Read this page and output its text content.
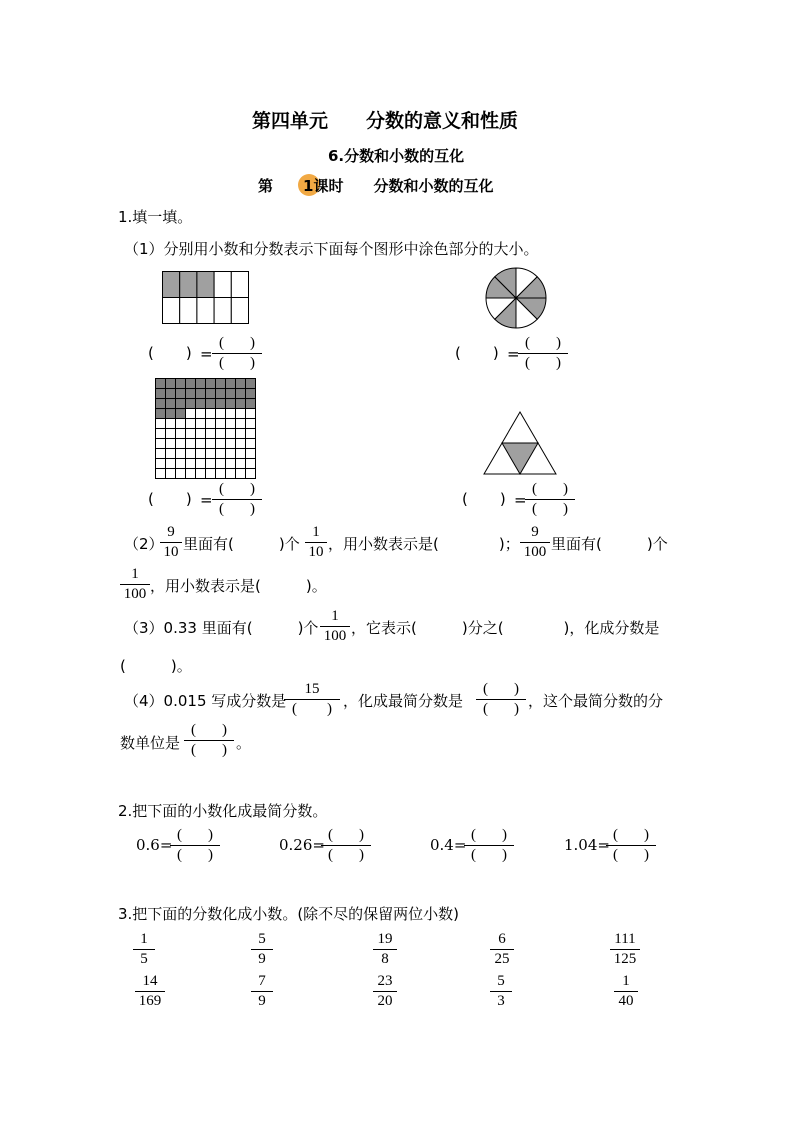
第四单元　　分数的意义和性质
6.分数和小数的互化
第 1课时 分数和小数的互化
1.填一填。
（1）分别用小数和分数表示下面每个图形中涂色部分的大小。
( ) =
( )
( )
( ) =
( )
( )
( ) =
( )
( )
( ) =
( )
( )
（2）
9
10 里面有(　　　)个
1
10 ，用小数表示是(　　　　)；
9
100 里面有(　　　)个
1
100 ，用小数表示是(　　　)。
（3）0.33 里面有(　　　)个
1
100 ，它表示(　　　)分之(　　　　)，化成分数是
(　　　)。
（4）0.015 写成分数是
15
( ) ，化成最简分数是
( )
( ) ，这个最简分数的分
数单位是
( )
( ) 。
2.把下面的小数化成最简分数。
0.6=
( )
( )
0.26=
( )
( )
0.4=
( )
( )
1.04=
( )
( )
3.把下面的分数化成小数。(除不尽的保留两位小数)
1
5
5
9
19
8
6
25
111
125
14
169
7
9
23
20
5
3
1
40
